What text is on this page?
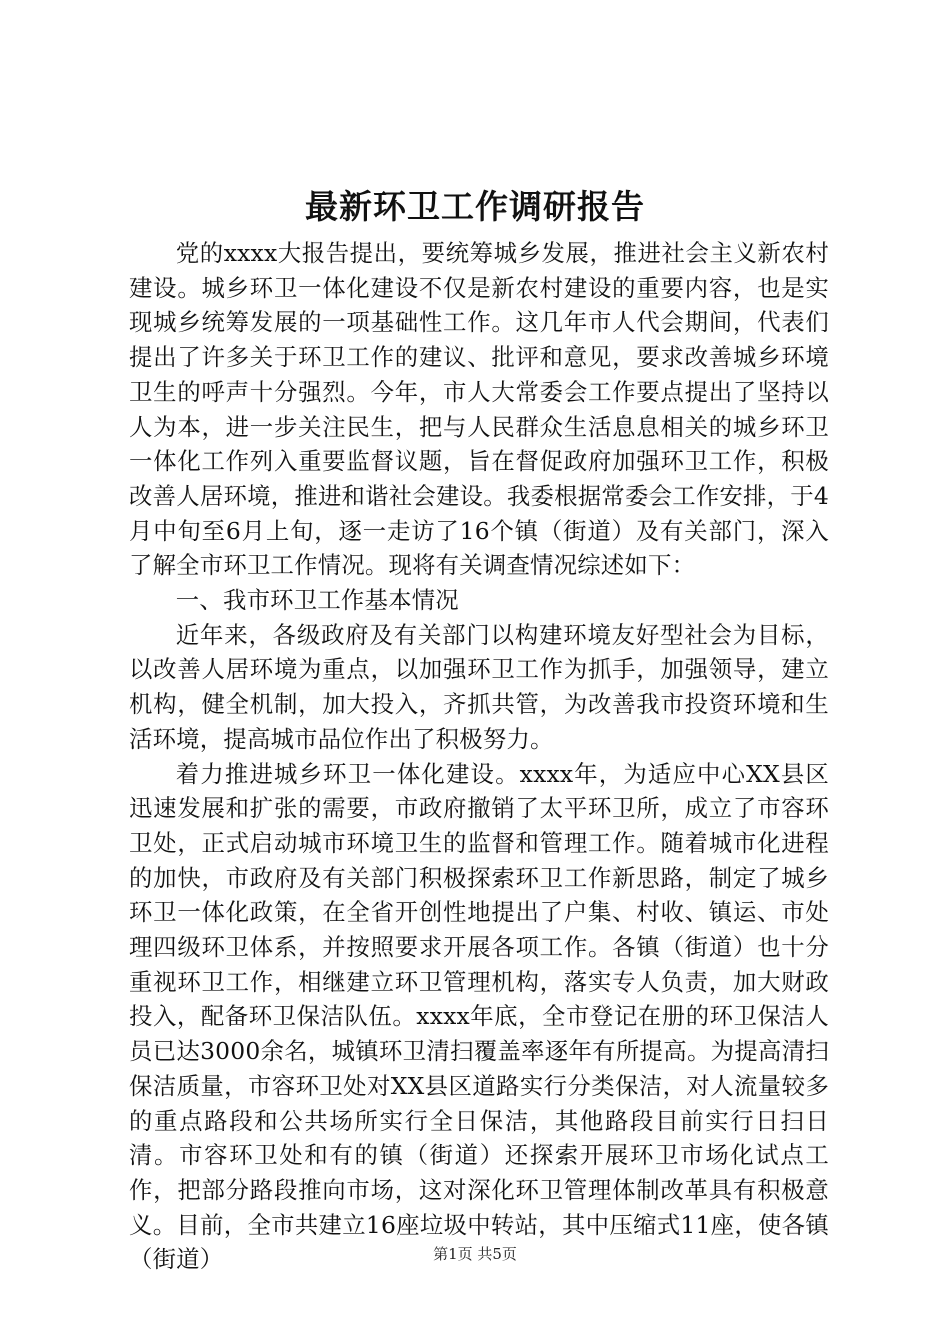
最新环卫工作调研报告

党的xxxx大报告提出，要统筹城乡发展，推进社会主义新农村建设。城乡环卫一体化建设不仅是新农村建设的重要内容，也是实现城乡统筹发展的一项基础性工作。这几年市人代会期间，代表们提出了许多关于环卫工作的建议、批评和意见，要求改善城乡环境卫生的呼声十分强烈。今年，市人大常委会工作要点提出了坚持以人为本，进一步关注民生，把与人民群众生活息息相关的城乡环卫一体化工作列入重要监督议题，旨在督促政府加强环卫工作，积极改善人居环境，推进和谐社会建设。我委根据常委会工作安排，于4月中旬至6月上旬，逐一走访了16个镇（街道）及有关部门，深入了解全市环卫工作情况。现将有关调查情况综述如下：

一、我市环卫工作基本情况

近年来，各级政府及有关部门以构建环境友好型社会为目标，以改善人居环境为重点，以加强环卫工作为抓手，加强领导，建立机构，健全机制，加大投入，齐抓共管，为改善我市投资环境和生活环境，提高城市品位作出了积极努力。

着力推进城乡环卫一体化建设。xxxx年，为适应中心XX县区迅速发展和扩张的需要，市政府撤销了太平环卫所，成立了市容环卫处，正式启动城市环境卫生的监督和管理工作。随着城市化进程的加快，市政府及有关部门积极探索环卫工作新思路，制定了城乡环卫一体化政策，在全省开创性地提出了户集、村收、镇运、市处理四级环卫体系，并按照要求开展各项工作。各镇（街道）也十分重视环卫工作，相继建立环卫管理机构，落实专人负责，加大财政投入，配备环卫保洁队伍。xxxx年底，全市登记在册的环卫保洁人员已达3000余名，城镇环卫清扫覆盖率逐年有所提高。为提高清扫保洁质量，市容环卫处对XX县区道路实行分类保洁，对人流量较多的重点路段和公共场所实行全日保洁，其他路段目前实行日扫日清。市容环卫处和有的镇（街道）还探索开展环卫市场化试点工作，把部分路段推向市场，这对深化环卫管理体制改革具有积极意义。目前，全市共建立16座垃圾中转站，其中压缩式11座，使各镇（街道）	第1页 共5页
